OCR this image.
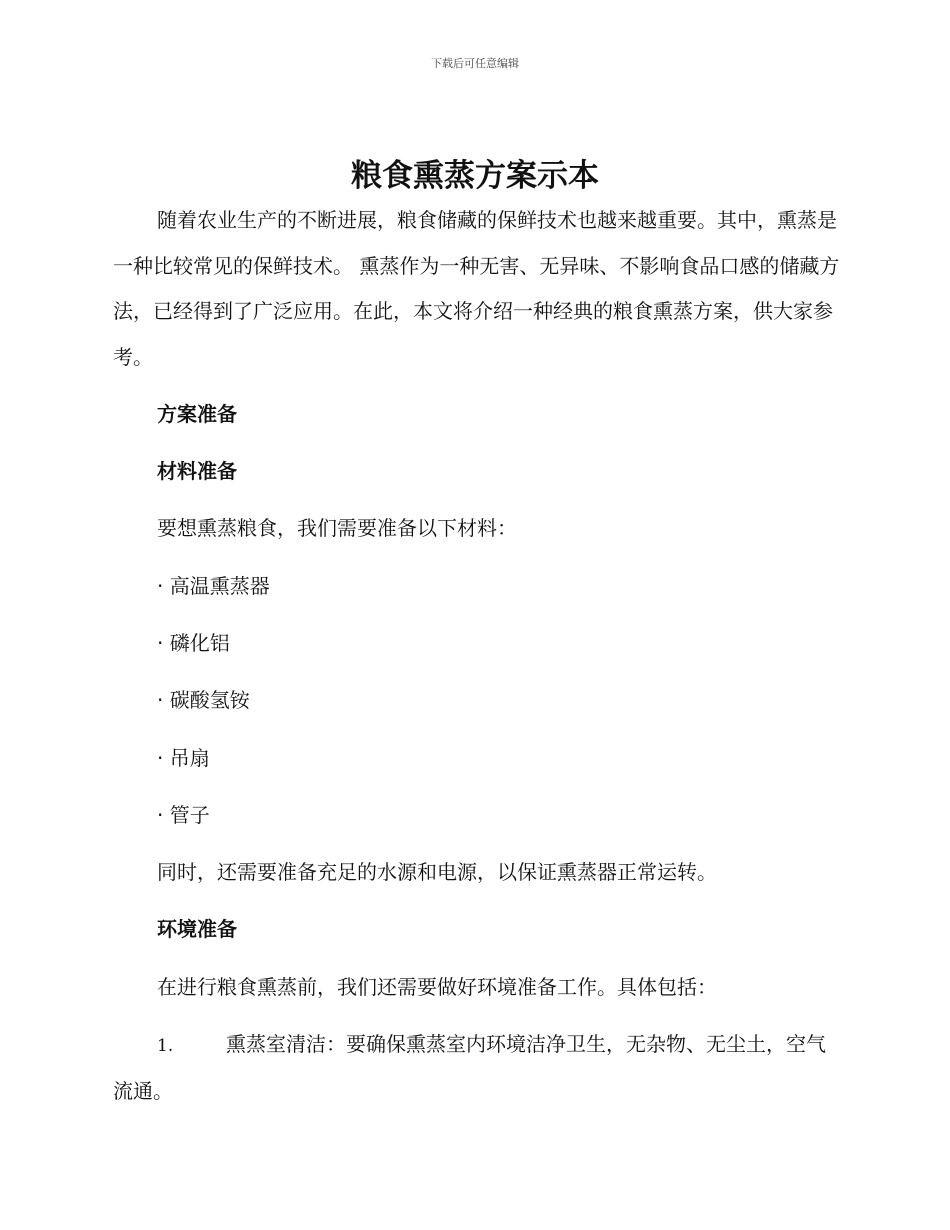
下载后可任意编辑
粮食熏蒸方案示本

随着农业生产的不断进展，粮食储藏的保鲜技术也越来越重要。其中，熏蒸是一种比较常见的保鲜技术。 熏蒸作为一种无害、无异味、不影响食品口感的储藏方法，已经得到了广泛应用。在此，本文将介绍一种经典的粮食熏蒸方案，供大家参考。

方案准备

材料准备

要想熏蒸粮食，我们需要准备以下材料：

· 高温熏蒸器

· 磷化铝

· 碳酸氢铵

· 吊扇

· 管子

同时，还需要准备充足的水源和电源，以保证熏蒸器正常运转。

环境准备

在进行粮食熏蒸前，我们还需要做好环境准备工作。具体包括：

1.	熏蒸室清洁：要确保熏蒸室内环境洁净卫生，无杂物、无尘土，空气流通。
